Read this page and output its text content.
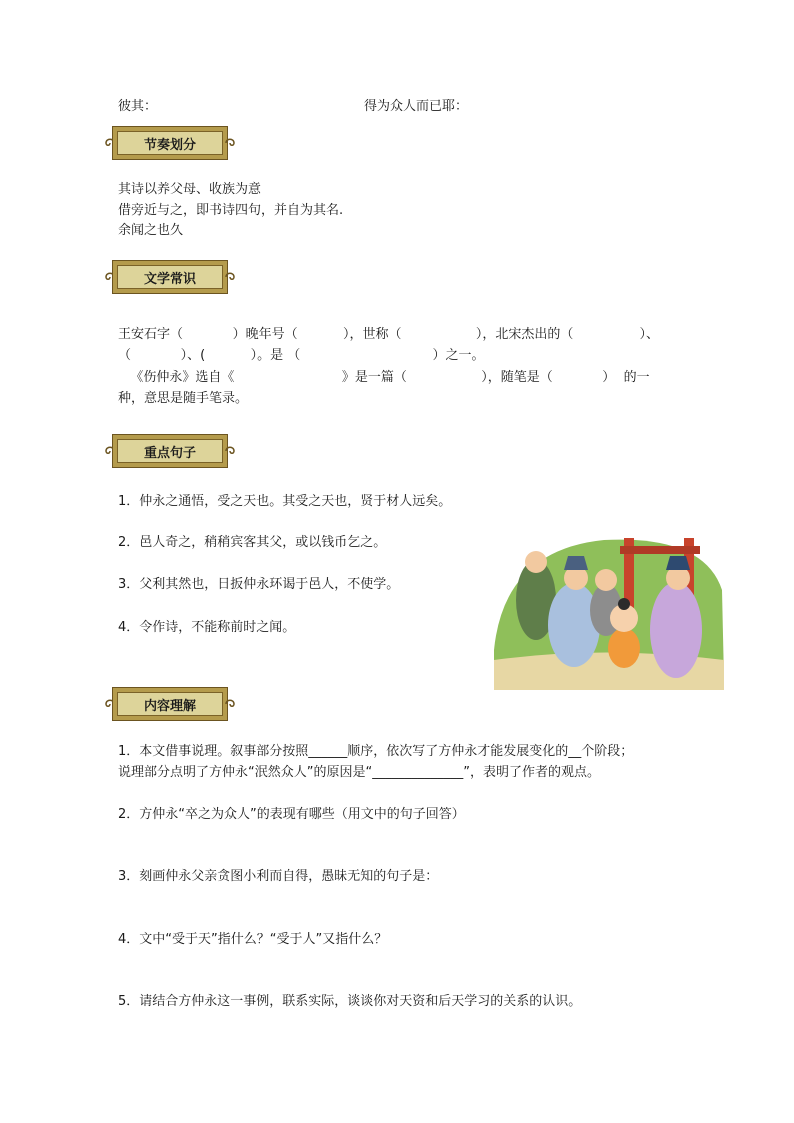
彼其：	得为众人而已耶：
节奏划分
其诗以养父母、收族为意
借旁近与之，即书诗四句，并自为其名.
余闻之也久
文学常识
王安石字（            ）晚年号（           ），世称（                  ），北宋杰出的（                ）、
（            ）、(           ）。是 （                                ）之一。
《伤仲永》选自《                          》是一篇（                  ），随笔是（            ）  的一
种，意思是随手笔录。
重点句子
1．仲永之通悟，受之天也。其受之天也，贤于材人远矣。
2．邑人奇之，稍稍宾客其父，或以钱币乞之。
3．父利其然也，日扳仲永环谒于邑人，不使学。
4．令作诗，不能称前时之闻。
内容理解
1．本文借事说理。叙事部分按照______顺序，依次写了方仲永才能发展变化的__个阶段；
说理部分点明了方仲永“泯然众人”的原因是“______________”，表明了作者的观点。
2．方仲永“卒之为众人”的表现有哪些（用文中的句子回答）
3．刻画仲永父亲贪图小利而自得，愚昧无知的句子是：
4．文中“受于天”指什么？“受于人”又指什么？
5．请结合方仲永这一事例，联系实际，谈谈你对天资和后天学习的关系的认识。
